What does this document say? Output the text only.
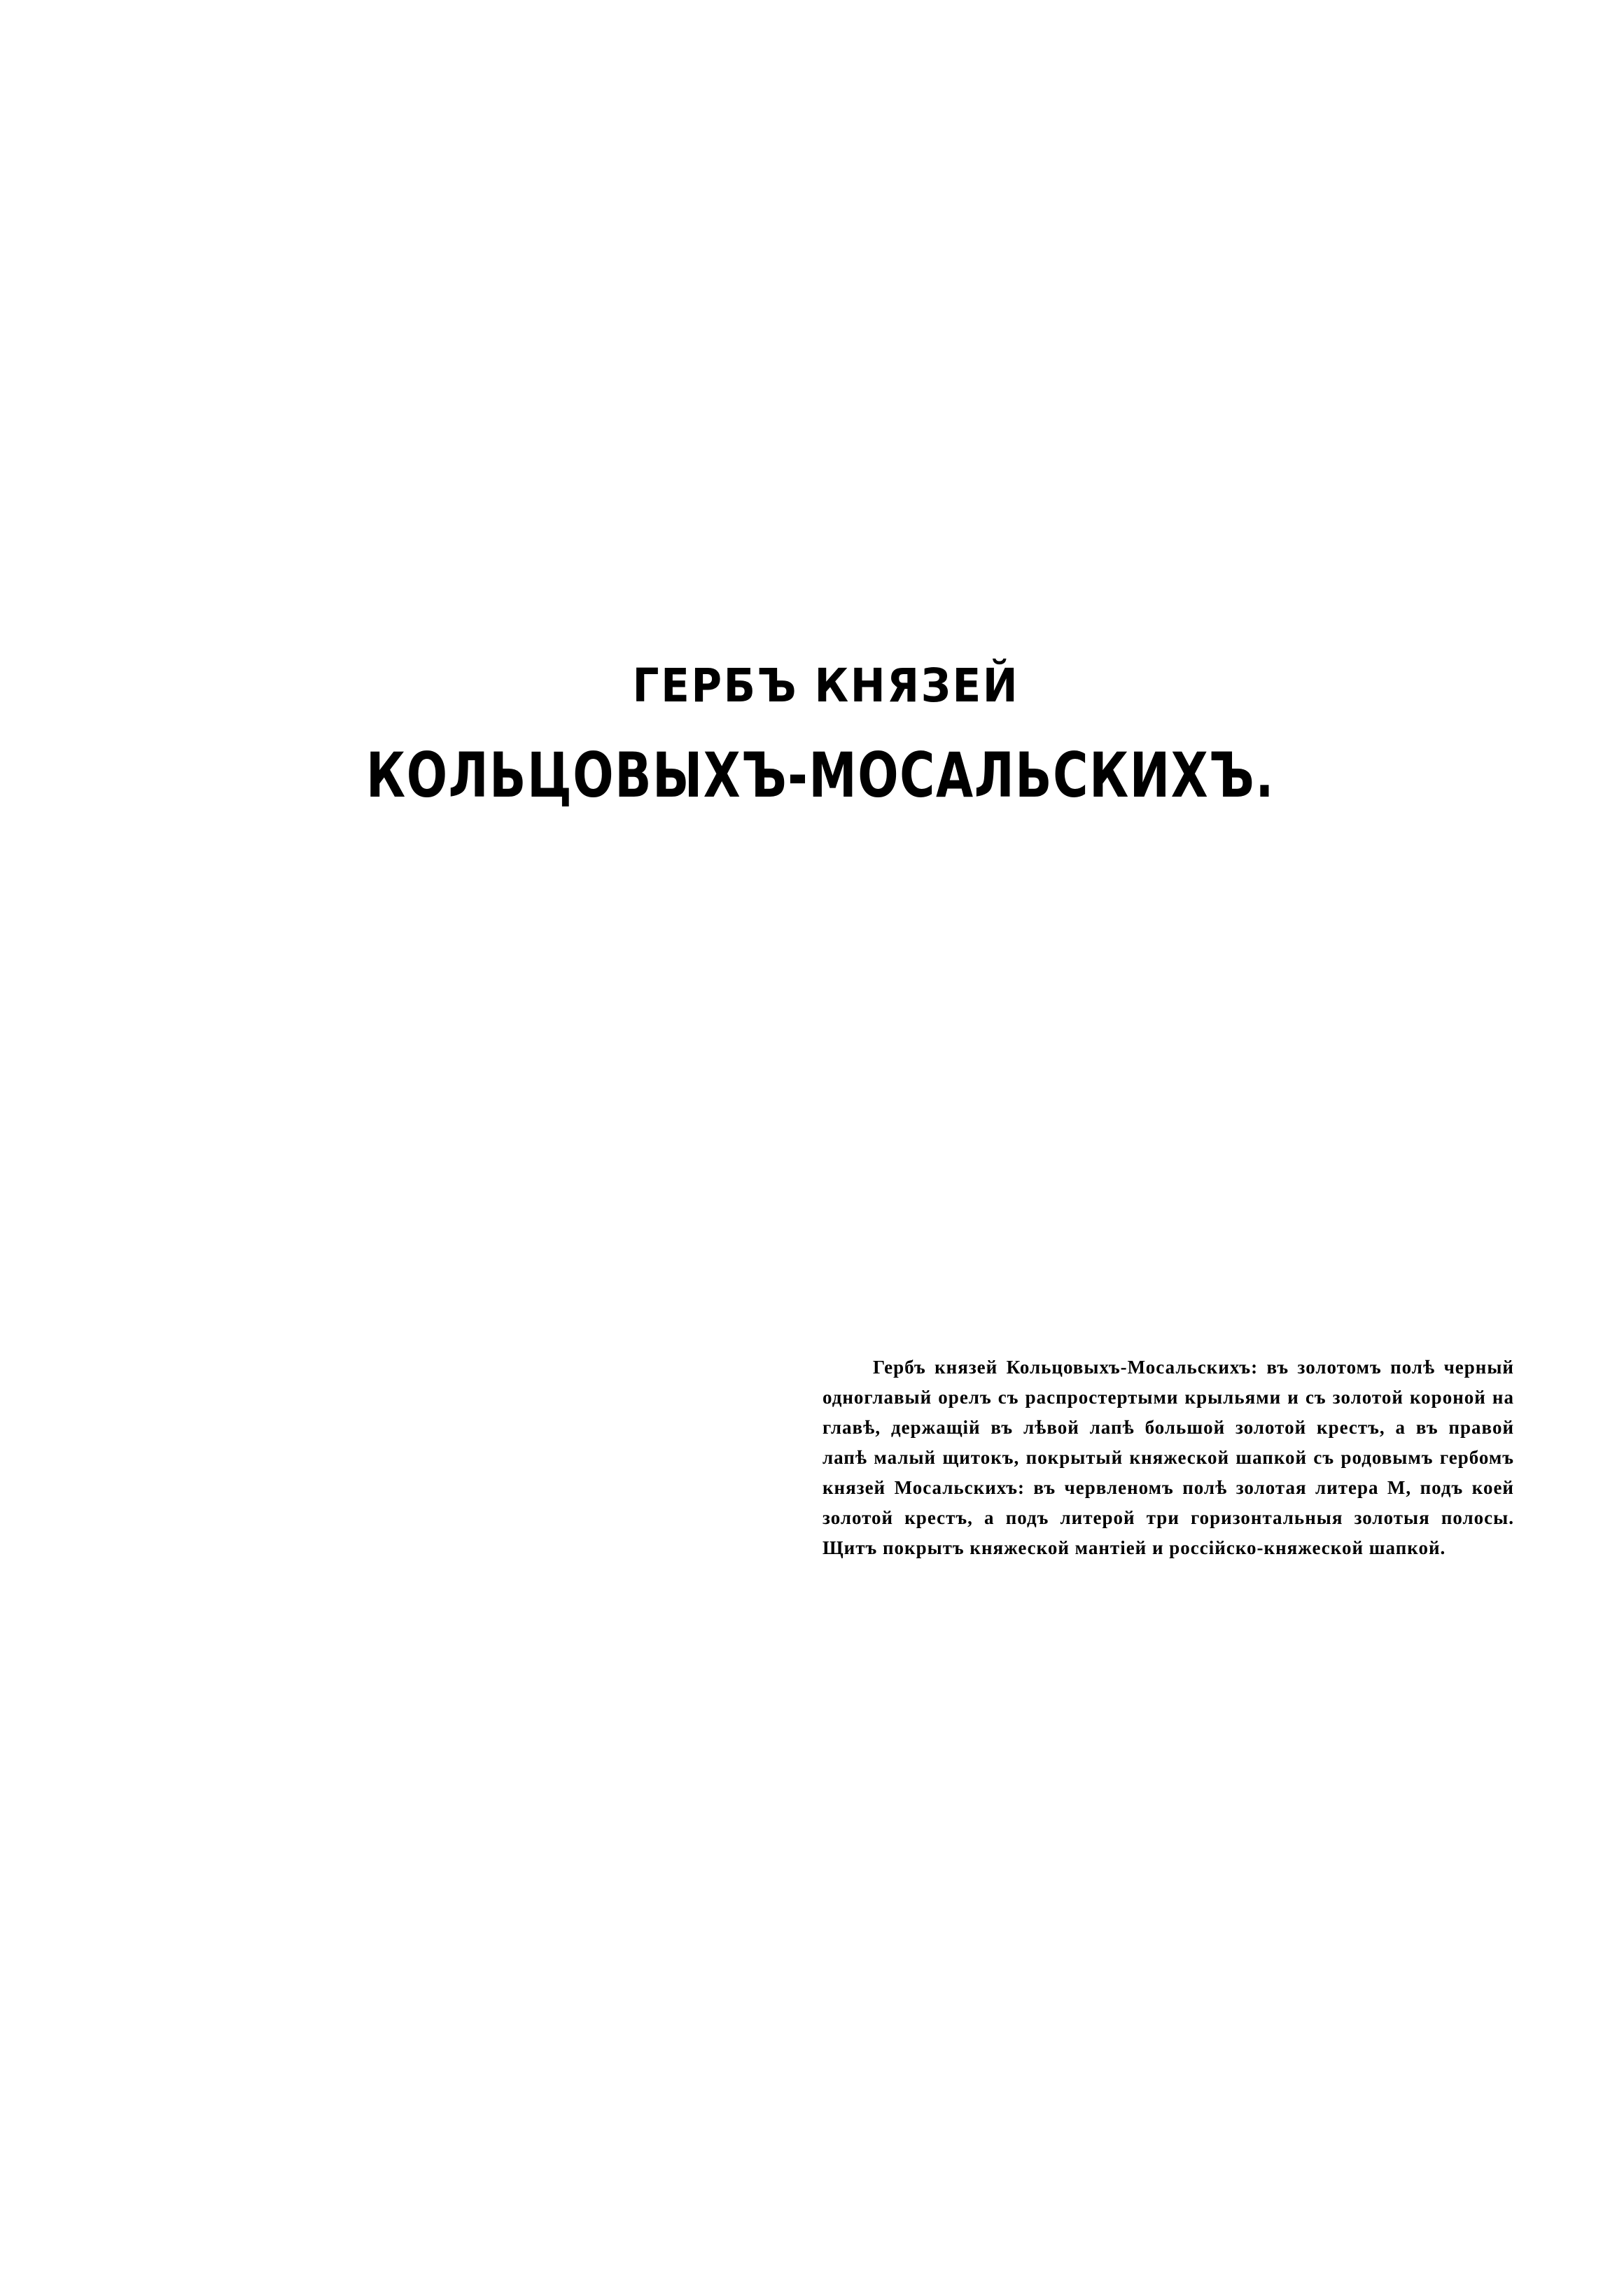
ГЕРБЪ КНЯЗЕЙ
КОЛЬЦОВЫХЪ-МОСАЛЬСКИХЪ.

Гербъ князей Кольцовыхъ-Мосальскихъ: въ золотомъ полѣ черный одноглавый орелъ съ распростертыми крыльями и съ золотой короной на главѣ, держащій въ лѣвой лапѣ большой золотой крестъ, а въ правой лапѣ малый щитокъ, покрытый княжеской шапкой съ родовымъ гербомъ князей Мосальскихъ: въ червленомъ полѣ золотая литера М, подъ коей золотой крестъ, а подъ литерой три горизонтальныя золотыя полосы. Щитъ покрытъ княжеской мантіей и россійско-княжеской шапкой.
